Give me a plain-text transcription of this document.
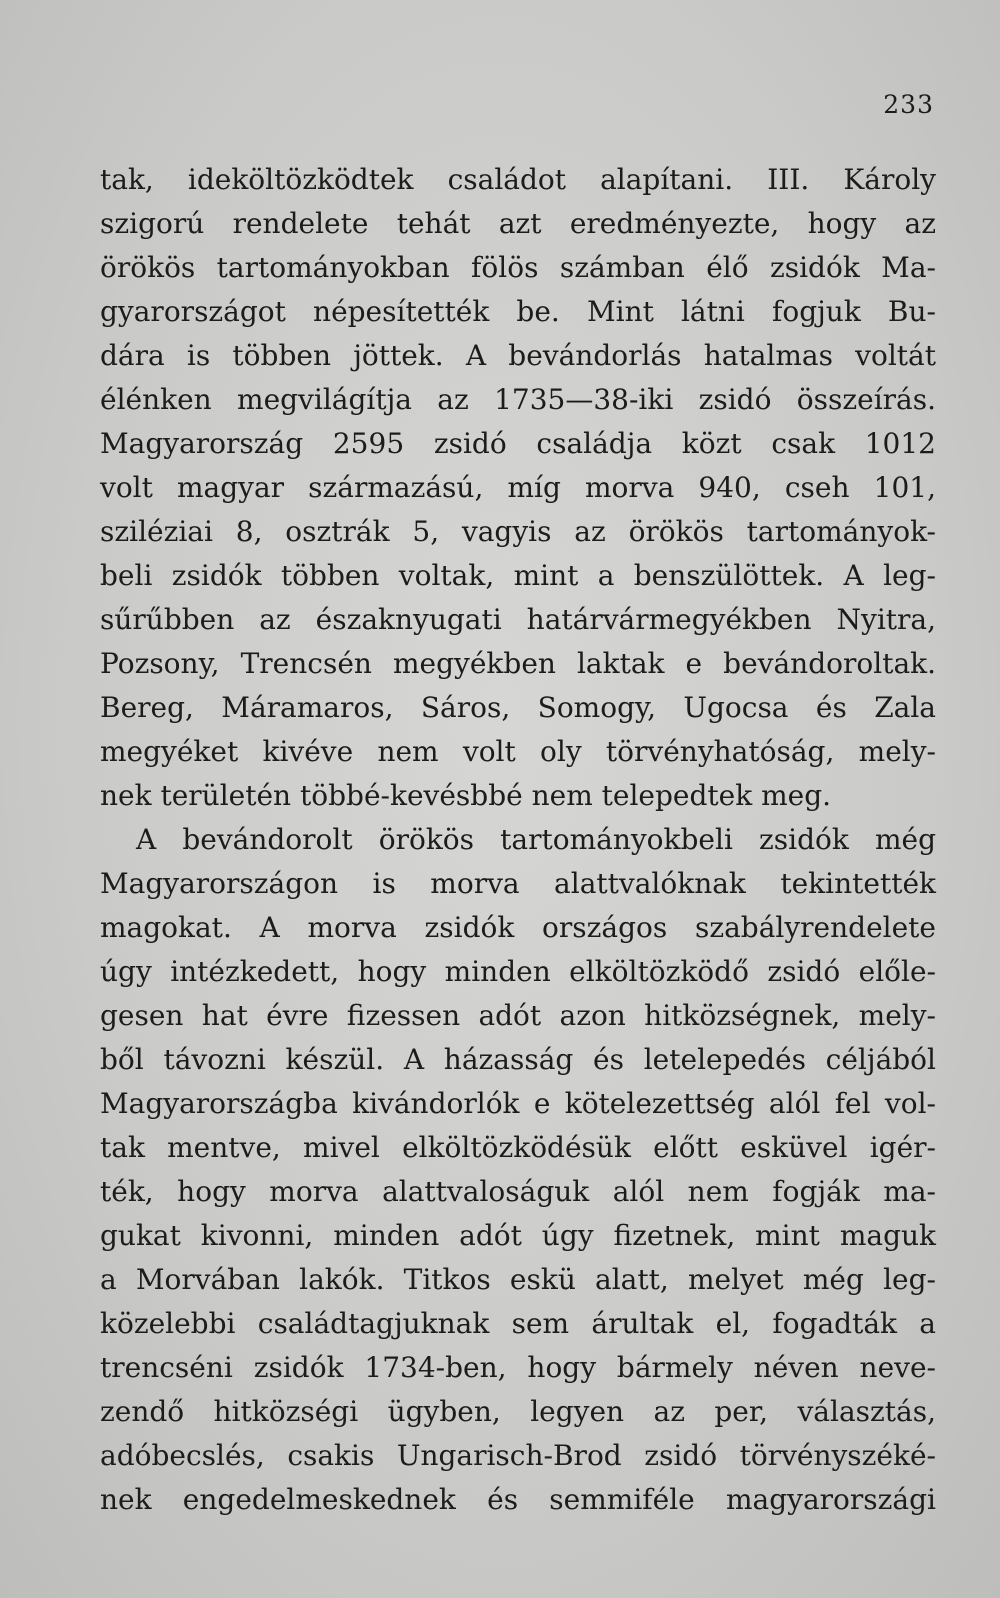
233
tak, ideköltözködtek családot alapítani. III. Károly
szigorú rendelete tehát azt eredményezte, hogy az
örökös tartományokban fölös számban élő zsidók Ma-
gyarországot népesítették be. Mint látni fogjuk Bu-
dára is többen jöttek. A bevándorlás hatalmas voltát
élénken megvilágítja az 1735—38-iki zsidó összeírás.
Magyarország 2595 zsidó családja közt csak 1012
volt magyar származású, míg morva 940, cseh 101,
sziléziai 8, osztrák 5, vagyis az örökös tartományok-
beli zsidók többen voltak, mint a benszülöttek. A leg-
sűrűbben az északnyugati határvármegyékben Nyitra,
Pozsony, Trencsén megyékben laktak e bevándoroltak.
Bereg, Máramaros, Sáros, Somogy, Ugocsa és Zala
megyéket kivéve nem volt oly törvényhatóság, mely-
nek területén többé-kevésbbé nem telepedtek meg.
A bevándorolt örökös tartományokbeli zsidók még
Magyarországon is morva alattvalóknak tekintették
magokat. A morva zsidók országos szabályrendelete
úgy intézkedett, hogy minden elköltözködő zsidó előle-
gesen hat évre fizessen adót azon hitközségnek, mely-
ből távozni készül. A házasság és letelepedés céljából
Magyarországba kivándorlók e kötelezettség alól fel vol-
tak mentve, mivel elköltözködésük előtt esküvel igér-
ték, hogy morva alattvaloságuk alól nem fogják ma-
gukat kivonni, minden adót úgy fizetnek, mint maguk
a Morvában lakók. Titkos eskü alatt, melyet még leg-
közelebbi családtagjuknak sem árultak el, fogadták a
trencséni zsidók 1734-ben, hogy bármely néven neve-
zendő hitközségi ügyben, legyen az per, választás,
adóbecslés, csakis Ungarisch-Brod zsidó törvényszéké-
nek engedelmeskednek és semmiféle magyarországi
